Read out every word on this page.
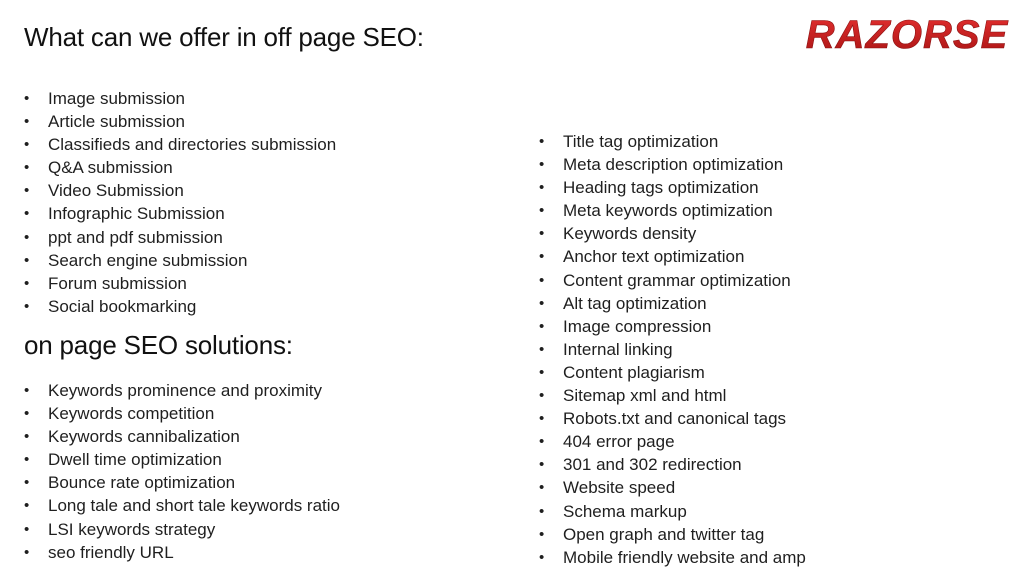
RAZORSE
What can we offer in off page SEO:
• Image submission
• Article submission
• Classifieds and directories submission
• Q&A submission
• Video Submission
• Infographic Submission
• ppt and pdf submission
• Search engine submission
• Forum submission
• Social bookmarking
on page SEO solutions:
• Keywords prominence and proximity
• Keywords competition
• Keywords cannibalization
• Dwell time optimization
• Bounce rate optimization
• Long tale and short tale keywords ratio
• LSI keywords strategy
• seo friendly URL
• Title tag optimization
• Meta description optimization
• Heading tags optimization
• Meta keywords optimization
• Keywords density
• Anchor text optimization
• Content grammar optimization
• Alt tag optimization
• Image compression
• Internal linking
• Content plagiarism
• Sitemap xml and html
• Robots.txt and canonical tags
• 404 error page
• 301 and 302 redirection
• Website speed
• Schema markup
• Open graph and twitter tag
• Mobile friendly website and amp
